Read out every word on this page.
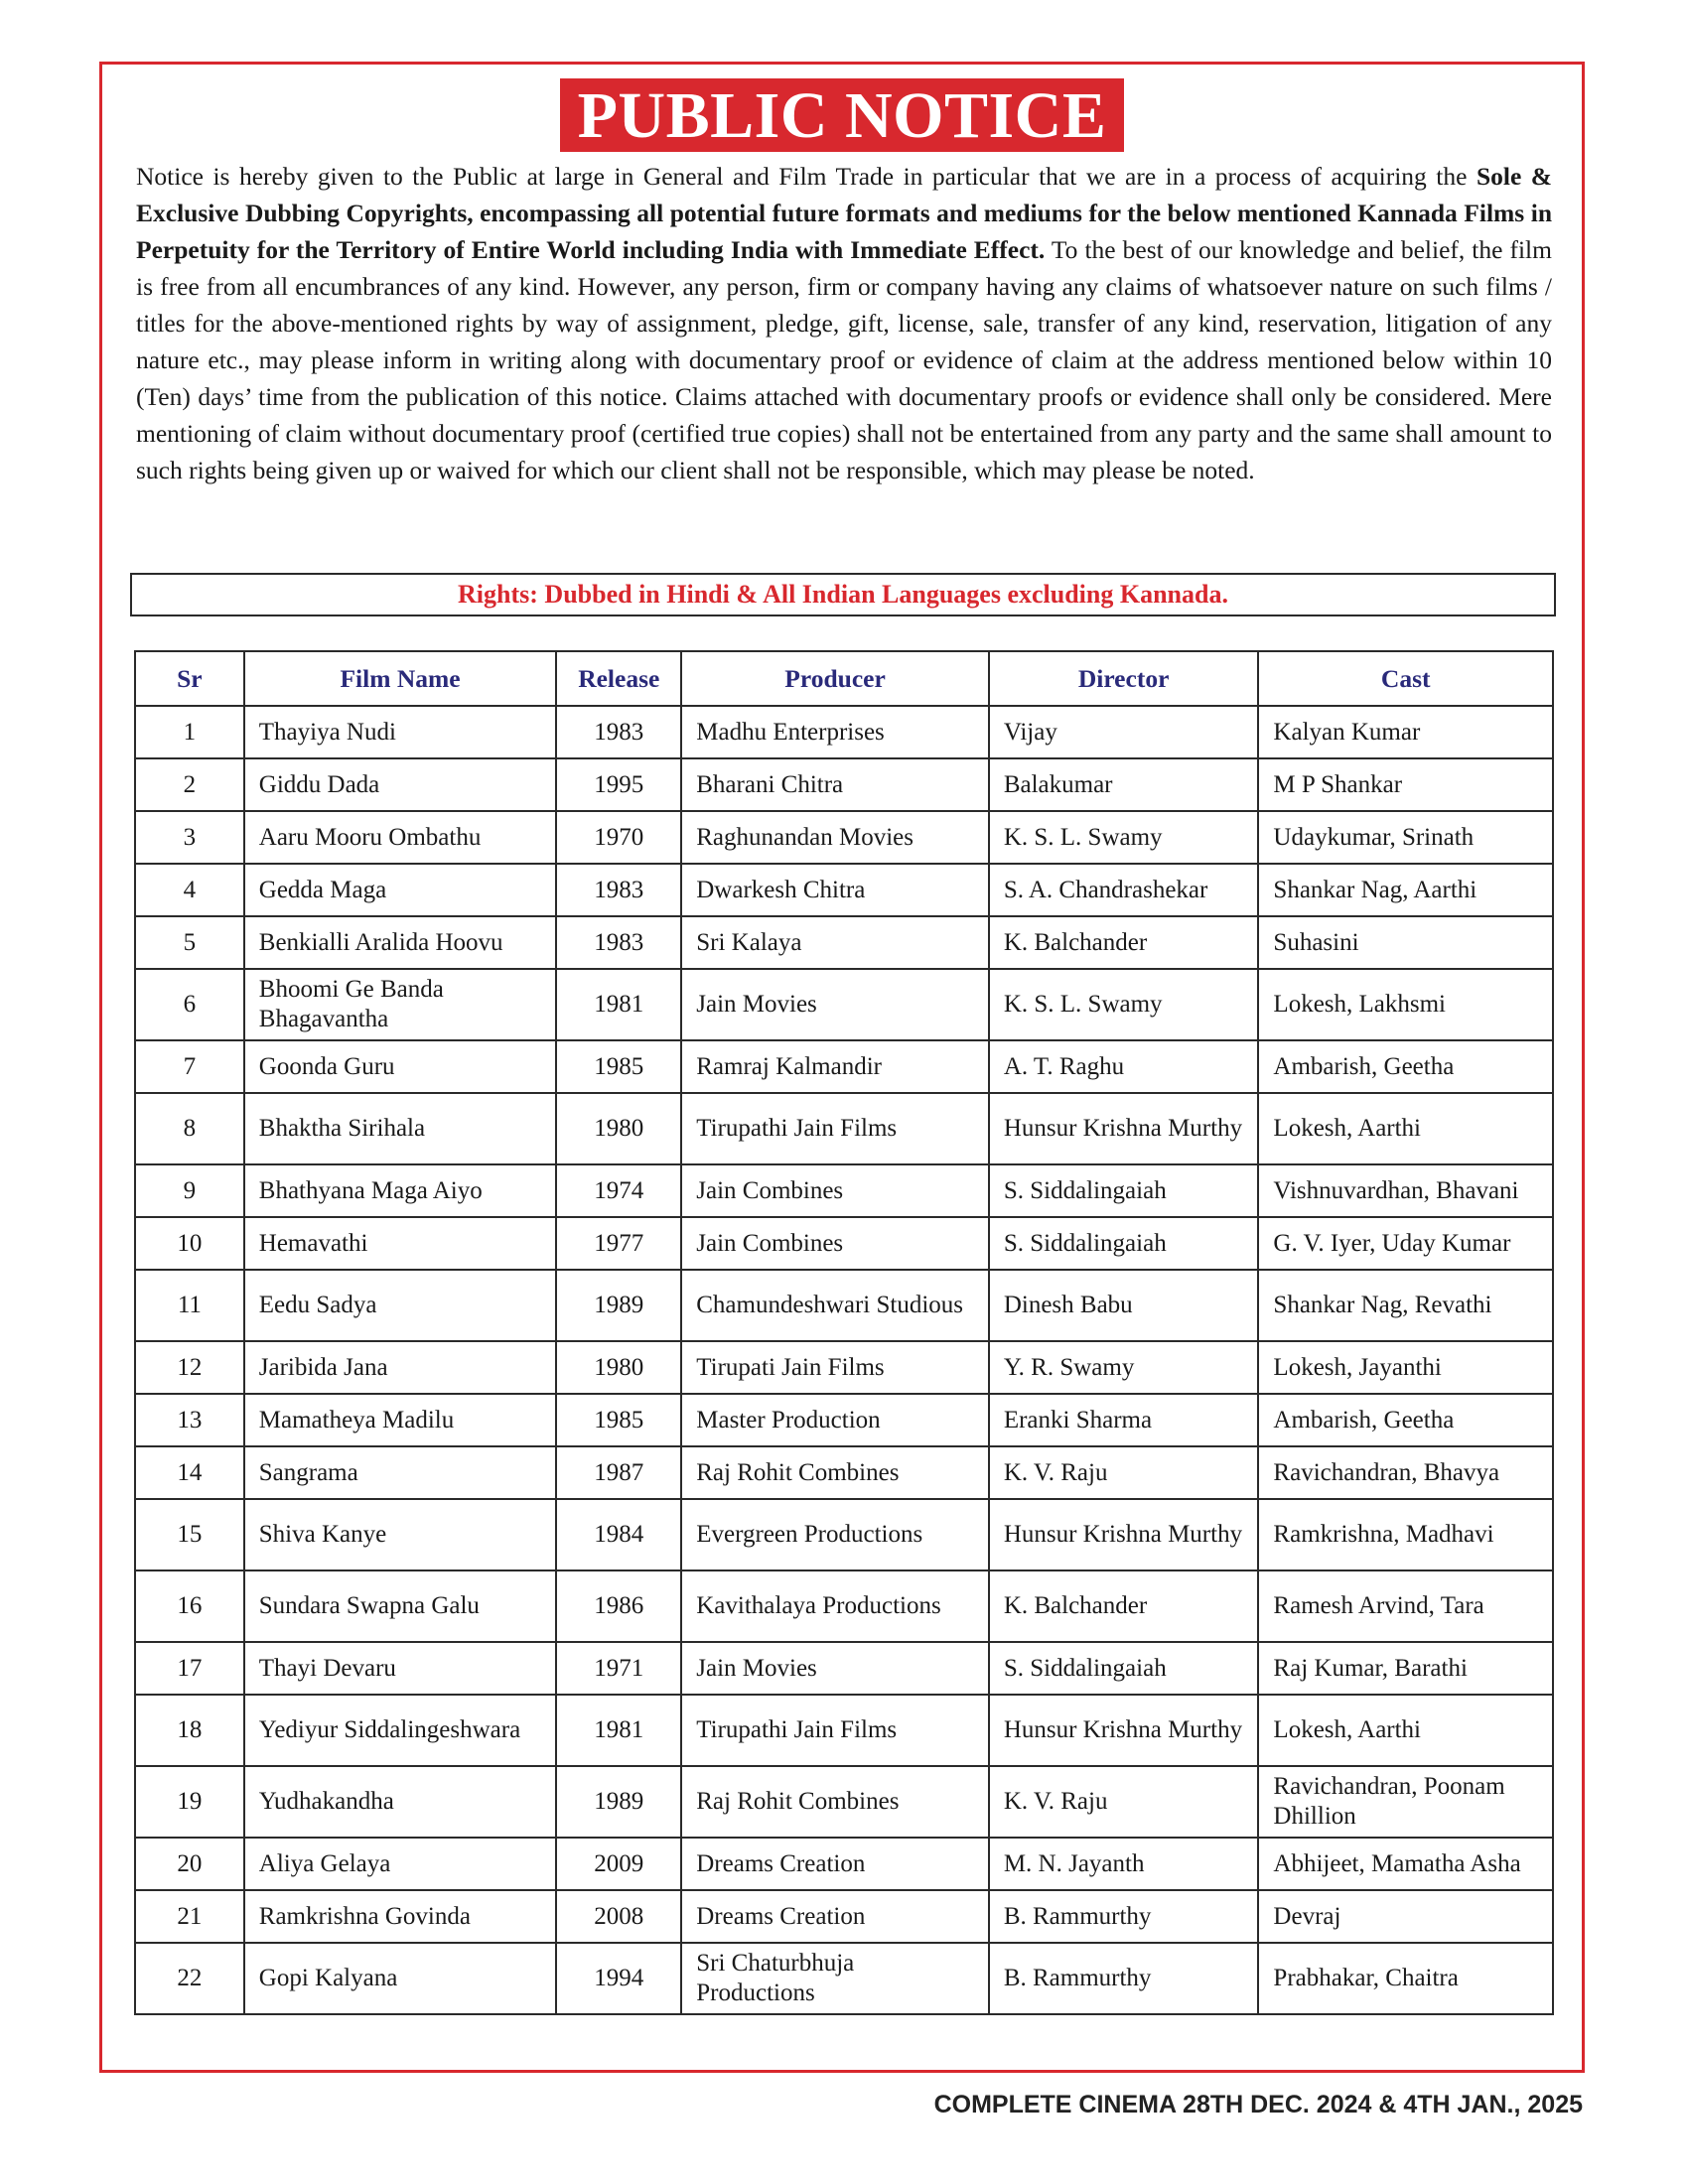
PUBLIC NOTICE
Notice is hereby given to the Public at large in General and Film Trade in particular that we are in a process of acquiring the Sole & Exclusive Dubbing Copyrights, encompassing all potential future formats and mediums for the below mentioned Kannada Films in Perpetuity for the Territory of Entire World including India with Immediate Effect. To the best of our knowledge and belief, the film is free from all encumbrances of any kind. However, any person, firm or company having any claims of whatsoever nature on such films / titles for the above-mentioned rights by way of assignment, pledge, gift, license, sale, transfer of any kind, reservation, litigation of any nature etc., may please inform in writing along with documentary proof or evidence of claim at the address mentioned below within 10 (Ten) days’ time from the publication of this notice. Claims attached with documentary proofs or evidence shall only be considered. Mere mentioning of claim without documentary proof (certified true copies) shall not be entertained from any party and the same shall amount to such rights being given up or waived for which our client shall not be responsible, which may please be noted.
Rights: Dubbed in Hindi & All Indian Languages excluding Kannada.
Sr	Film Name	Release	Producer	Director	Cast
1	Thayiya Nudi	1983	Madhu Enterprises	Vijay	Kalyan Kumar
2	Giddu Dada	1995	Bharani Chitra	Balakumar	M P Shankar
3	Aaru Mooru Ombathu	1970	Raghunandan Movies	K. S. L. Swamy	Udaykumar, Srinath
4	Gedda Maga	1983	Dwarkesh Chitra	S. A. Chandrashekar	Shankar Nag, Aarthi
5	Benkialli Aralida Hoovu	1983	Sri Kalaya	K. Balchander	Suhasini
6	Bhoomi Ge Banda Bhagavantha	1981	Jain Movies	K. S. L. Swamy	Lokesh, Lakhsmi
7	Goonda Guru	1985	Ramraj Kalmandir	A. T. Raghu	Ambarish, Geetha
8	Bhaktha Sirihala	1980	Tirupathi Jain Films	Hunsur Krishna Murthy	Lokesh, Aarthi
9	Bhathyana Maga Aiyo	1974	Jain Combines	S. Siddalingaiah	Vishnuvardhan, Bhavani
10	Hemavathi	1977	Jain Combines	S. Siddalingaiah	G. V. Iyer, Uday Kumar
11	Eedu Sadya	1989	Chamundeshwari Studious	Dinesh Babu	Shankar Nag, Revathi
12	Jaribida Jana	1980	Tirupati Jain Films	Y. R. Swamy	Lokesh, Jayanthi
13	Mamatheya Madilu	1985	Master Production	Eranki Sharma	Ambarish, Geetha
14	Sangrama	1987	Raj Rohit Combines	K. V. Raju	Ravichandran, Bhavya
15	Shiva Kanye	1984	Evergreen Productions	Hunsur Krishna Murthy	Ramkrishna, Madhavi
16	Sundara Swapna Galu	1986	Kavithalaya Productions	K. Balchander	Ramesh Arvind, Tara
17	Thayi Devaru	1971	Jain Movies	S. Siddalingaiah	Raj Kumar, Barathi
18	Yediyur Siddalingeshwara	1981	Tirupathi Jain Films	Hunsur Krishna Murthy	Lokesh, Aarthi
19	Yudhakandha	1989	Raj Rohit Combines	K. V. Raju	Ravichandran, Poonam Dhillion
20	Aliya Gelaya	2009	Dreams Creation	M. N. Jayanth	Abhijeet, Mamatha Asha
21	Ramkrishna Govinda	2008	Dreams Creation	B. Rammurthy	Devraj
22	Gopi Kalyana	1994	Sri Chaturbhuja Productions	B. Rammurthy	Prabhakar, Chaitra
COMPLETE CINEMA 28TH DEC. 2024 & 4TH JAN., 2025
